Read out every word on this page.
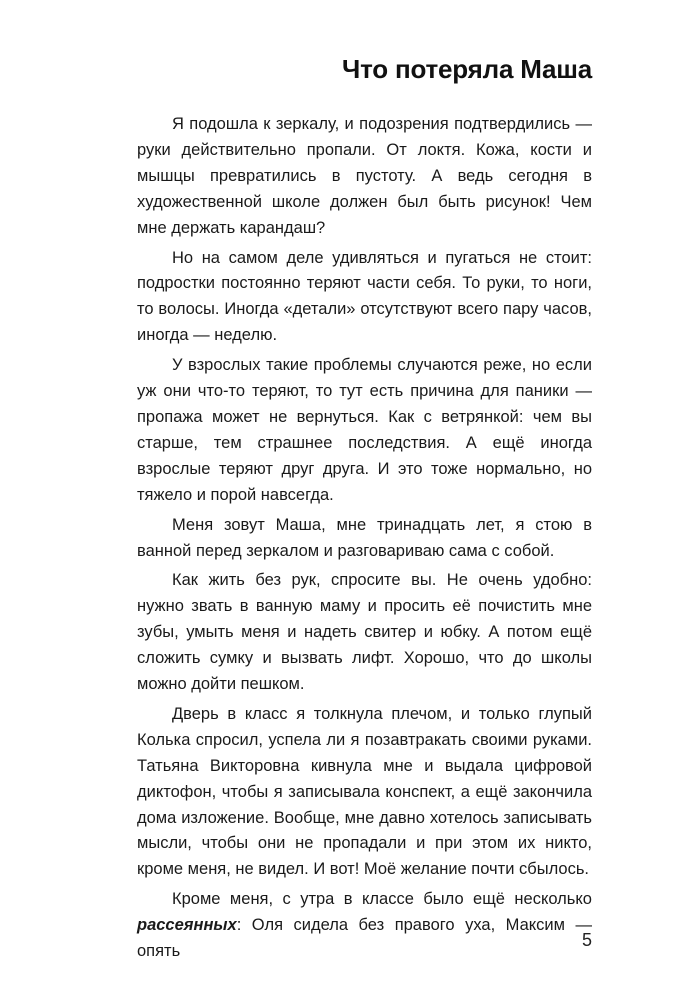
Что потеряла Маша

Я подошла к зеркалу, и подозрения подтвердились — руки действительно пропали. От локтя. Кожа, кости и мышцы превратились в пустоту. А ведь сегодня в художественной школе должен был быть рисунок! Чем мне держать карандаш?

Но на самом деле удивляться и пугаться не стоит: подростки постоянно теряют части себя. То руки, то ноги, то волосы. Иногда «детали» отсутствуют всего пару часов, иногда — неделю.

У взрослых такие проблемы случаются реже, но если уж они что-то теряют, то тут есть причина для паники — пропажа может не вернуться. Как с ветрянкой: чем вы старше, тем страшнее последствия. А ещё иногда взрослые теряют друг друга. И это тоже нормально, но тяжело и порой навсегда.

Меня зовут Маша, мне тринадцать лет, я стою в ванной перед зеркалом и разговариваю сама с собой.

Как жить без рук, спросите вы. Не очень удобно: нужно звать в ванную маму и просить её почистить мне зубы, умыть меня и надеть свитер и юбку. А потом ещё сложить сумку и вызвать лифт. Хорошо, что до школы можно дойти пешком.

Дверь в класс я толкнула плечом, и только глупый Колька спросил, успела ли я позавтракать своими руками. Татьяна Викторовна кивнула мне и выдала цифровой диктофон, чтобы я записывала конспект, а ещё закончила дома изложение. Вообще, мне давно хотелось записывать мысли, чтобы они не пропадали и при этом их никто, кроме меня, не видел. И вот! Моё желание почти сбылось.

Кроме меня, с утра в классе было ещё несколько рассеянных: Оля сидела без правого уха, Максим — опять

5
